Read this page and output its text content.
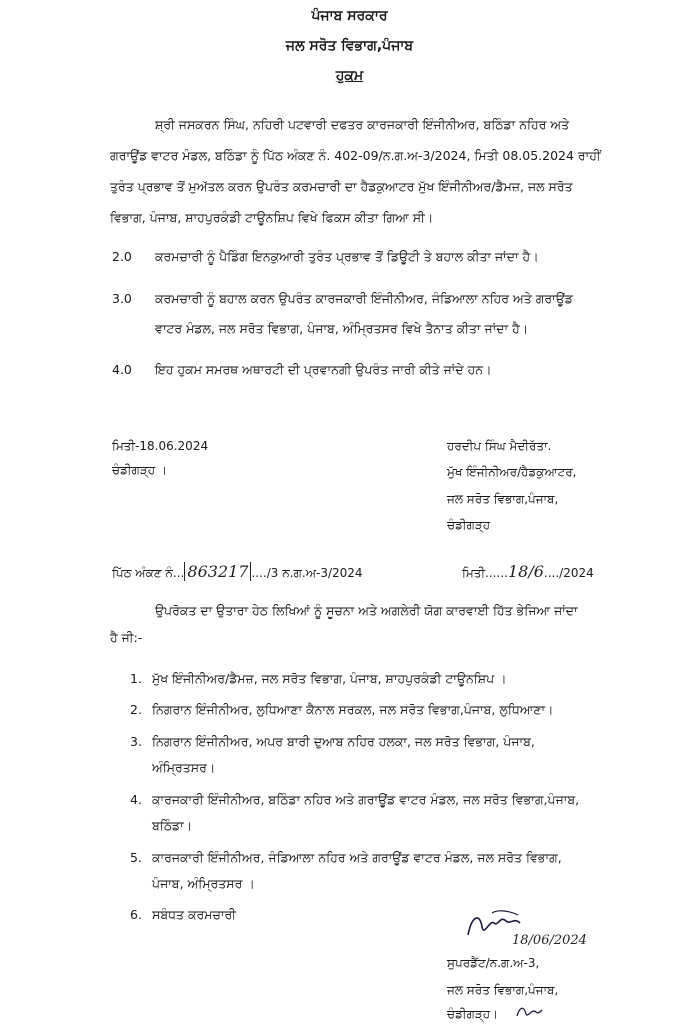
ਪੰਜਾਬ ਸਰਕਾਰ
ਜਲ ਸਰੋਤ ਵਿਭਾਗ,ਪੰਜਾਬ
ਹੁਕਮ
ਸ਼੍ਰੀ ਜਸਕਰਨ ਸਿੰਘ, ਨਹਿਰੀ ਪਟਵਾਰੀ ਦਫਤਰ ਕਾਰਜਕਾਰੀ ਇੰਜੀਨੀਅਰ, ਬਠਿੰਡਾ ਨਹਿਰ ਅਤੇ
ਗਰਾਊਂਡ ਵਾਟਰ ਮੰਡਲ, ਬਠਿੰਡਾ ਨੂੰ ਪਿੱਠ ਅੰਕਣ ਨੰ. 402-09/ਨ.ਗ.ਅ-3/2024, ਮਿਤੀ 08.05.2024 ਰਾਹੀਂ
ਤੁਰੰਤ ਪ੍ਰਭਾਵ ਤੋਂ ਮੁਅੱਤਲ ਕਰਨ ਉਪਰੰਤ ਕਰਮਚਾਰੀ ਦਾ ਹੈਡਕੁਆਟਰ ਮੁੱਖ ਇੰਜੀਨੀਅਰ/ਡੈਮਜ਼, ਜਲ ਸਰੋਤ
ਵਿਭਾਗ, ਪੰਜਾਬ, ਸ਼ਾਹਪੁਰਕੰਡੀ ਟਾਊਨਸ਼ਿਪ ਵਿਖੇ ਫਿਕਸ ਕੀਤਾ ਗਿਆ ਸੀ।
2.0 ਕਰਮਚਾਰੀ ਨੂੰ ਪੈਡਿੰਗ ਇਨਕੁਆਰੀ ਤੁਰੰਤ ਪ੍ਰਭਾਵ ਤੋਂ ਡਿਊਟੀ ਤੇ ਬਹਾਲ ਕੀਤਾ ਜਾਂਦਾ ਹੈ।
3.0 ਕਰਮਚਾਰੀ ਨੂੰ ਬਹਾਲ ਕਰਨ ਉਪਰੰਤ ਕਾਰਜਕਾਰੀ ਇੰਜੀਨੀਅਰ, ਜੰਡਿਆਲਾ ਨਹਿਰ ਅਤੇ ਗਰਾਊਂਡ
ਵਾਟਰ ਮੰਡਲ, ਜਲ ਸਰੋਤ ਵਿਭਾਗ, ਪੰਜਾਬ, ਅੰਮ੍ਰਿਤਸਰ ਵਿਖੇ ਤੈਨਾਤ ਕੀਤਾ ਜਾਂਦਾ ਹੈ।
4.0 ਇਹ ਹੁਕਮ ਸਮਰਥ ਅਥਾਰਟੀ ਦੀ ਪ੍ਰਵਾਨਗੀ ਉਪਰੰਤ ਜਾਰੀ ਕੀਤੇ ਜਾਂਦੇ ਹਨ।
ਮਿਤੀ-18.06.2024
ਚੰਡੀਗੜ੍ਹ ।
ਹਰਦੀਪ ਸਿੰਘ ਮੈਦੀਰੱਤਾ.
ਮੁੱਖ ਇੰਜੀਨੀਅਰ/ਹੈਡਕੁਆਟਰ,
ਜਲ ਸਰੋਤ ਵਿਭਾਗ,ਪੰਜਾਬ,
ਚੰਡੀਗੜ੍ਹ
ਪਿੱਠ ਅੰਕਣ ਨੰ... 863217 ..../3 ਨ.ਗ.ਅ-3/2024	ਮਿਤੀ......18/6..../2024
ਉਪਰੋਕਤ ਦਾ ਉਤਾਰਾ ਹੇਠ ਲਿਖਿਆਂ ਨੂੰ ਸੂਚਨਾ ਅਤੇ ਅਗਲੇਰੀ ਯੋਗ ਕਾਰਵਾਈ ਹਿੱਤ ਭੇਜਿਆ ਜਾਂਦਾ
ਹੈ ਜੀ:-
1. ਮੁੱਖ ਇੰਜੀਨੀਅਰ/ਡੈਮਜ਼, ਜਲ ਸਰੋਤ ਵਿਭਾਗ, ਪੰਜਾਬ, ਸ਼ਾਹਪੁਰਕੰਡੀ ਟਾਊਨਸ਼ਿਪ ।
2. ਨਿਗਰਾਨ ਇੰਜੀਨੀਅਰ, ਲੁਧਿਆਣਾ ਕੈਨਾਲ ਸਰਕਲ, ਜਲ ਸਰੋਤ ਵਿਭਾਗ,ਪੰਜਾਬ, ਲੁਧਿਆਣਾ।
3. ਨਿਗਰਾਨ ਇੰਜੀਨੀਅਰ, ਅਪਰ ਬਾਰੀ ਦੁਆਬ ਨਹਿਰ ਹਲਕਾ, ਜਲ ਸਰੋਤ ਵਿਭਾਗ, ਪੰਜਾਬ,
ਅੰਮ੍ਰਿਤਸਰ।
4. ਕਾਰਜਕਾਰੀ ਇੰਜੀਨੀਅਰ, ਬਠਿੰਡਾ ਨਹਿਰ ਅਤੇ ਗਰਾਊਂਡ ਵਾਟਰ ਮੰਡਲ, ਜਲ ਸਰੋਤ ਵਿਭਾਗ,ਪੰਜਾਬ,
ਬਠਿੰਡਾ।
5. ਕਾਰਜਕਾਰੀ ਇੰਜੀਨੀਅਰ, ਜੰਡਿਆਲਾ ਨਹਿਰ ਅਤੇ ਗਰਾਊਂਡ ਵਾਟਰ ਮੰਡਲ, ਜਲ ਸਰੋਤ ਵਿਭਾਗ,
ਪੰਜਾਬ, ਅੰਮ੍ਰਿਤਸਰ ।
6. ਸਬੰਧਤ ਕਰਮਚਾਰੀ
18/06/2024
ਸੁਪਰਡੈਂਟ/ਨ.ਗ.ਅ-3,
ਜਲ ਸਰੋਤ ਵਿਭਾਗ,ਪੰਜਾਬ,
ਚੰਡੀਗੜ੍ਹ।
